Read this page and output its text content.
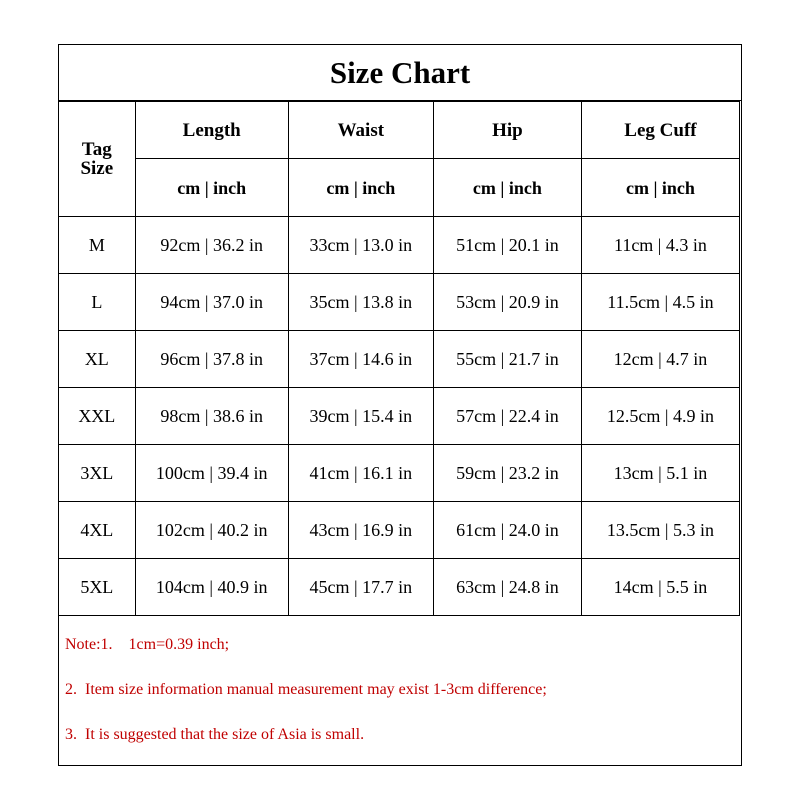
Size Chart
Tag
Size	Length	Waist	Hip	Leg Cuff
	cm | inch	cm | inch	cm | inch	cm | inch
M	92cm | 36.2 in	33cm | 13.0 in	51cm | 20.1 in	11cm | 4.3 in
L	94cm | 37.0 in	35cm | 13.8 in	53cm | 20.9 in	11.5cm | 4.5 in
XL	96cm | 37.8 in	37cm | 14.6 in	55cm | 21.7 in	12cm | 4.7 in
XXL	98cm | 38.6 in	39cm | 15.4 in	57cm | 22.4 in	12.5cm | 4.9 in
3XL	100cm | 39.4 in	41cm | 16.1 in	59cm | 23.2 in	13cm | 5.1 in
4XL	102cm | 40.2 in	43cm | 16.9 in	61cm | 24.0 in	13.5cm | 5.3 in
5XL	104cm | 40.9 in	45cm | 17.7 in	63cm | 24.8 in	14cm | 5.5 in
Note:1.    1cm=0.39 inch;
2.  Item size information manual measurement may exist 1-3cm difference;
3.  It is suggested that the size of Asia is small.
